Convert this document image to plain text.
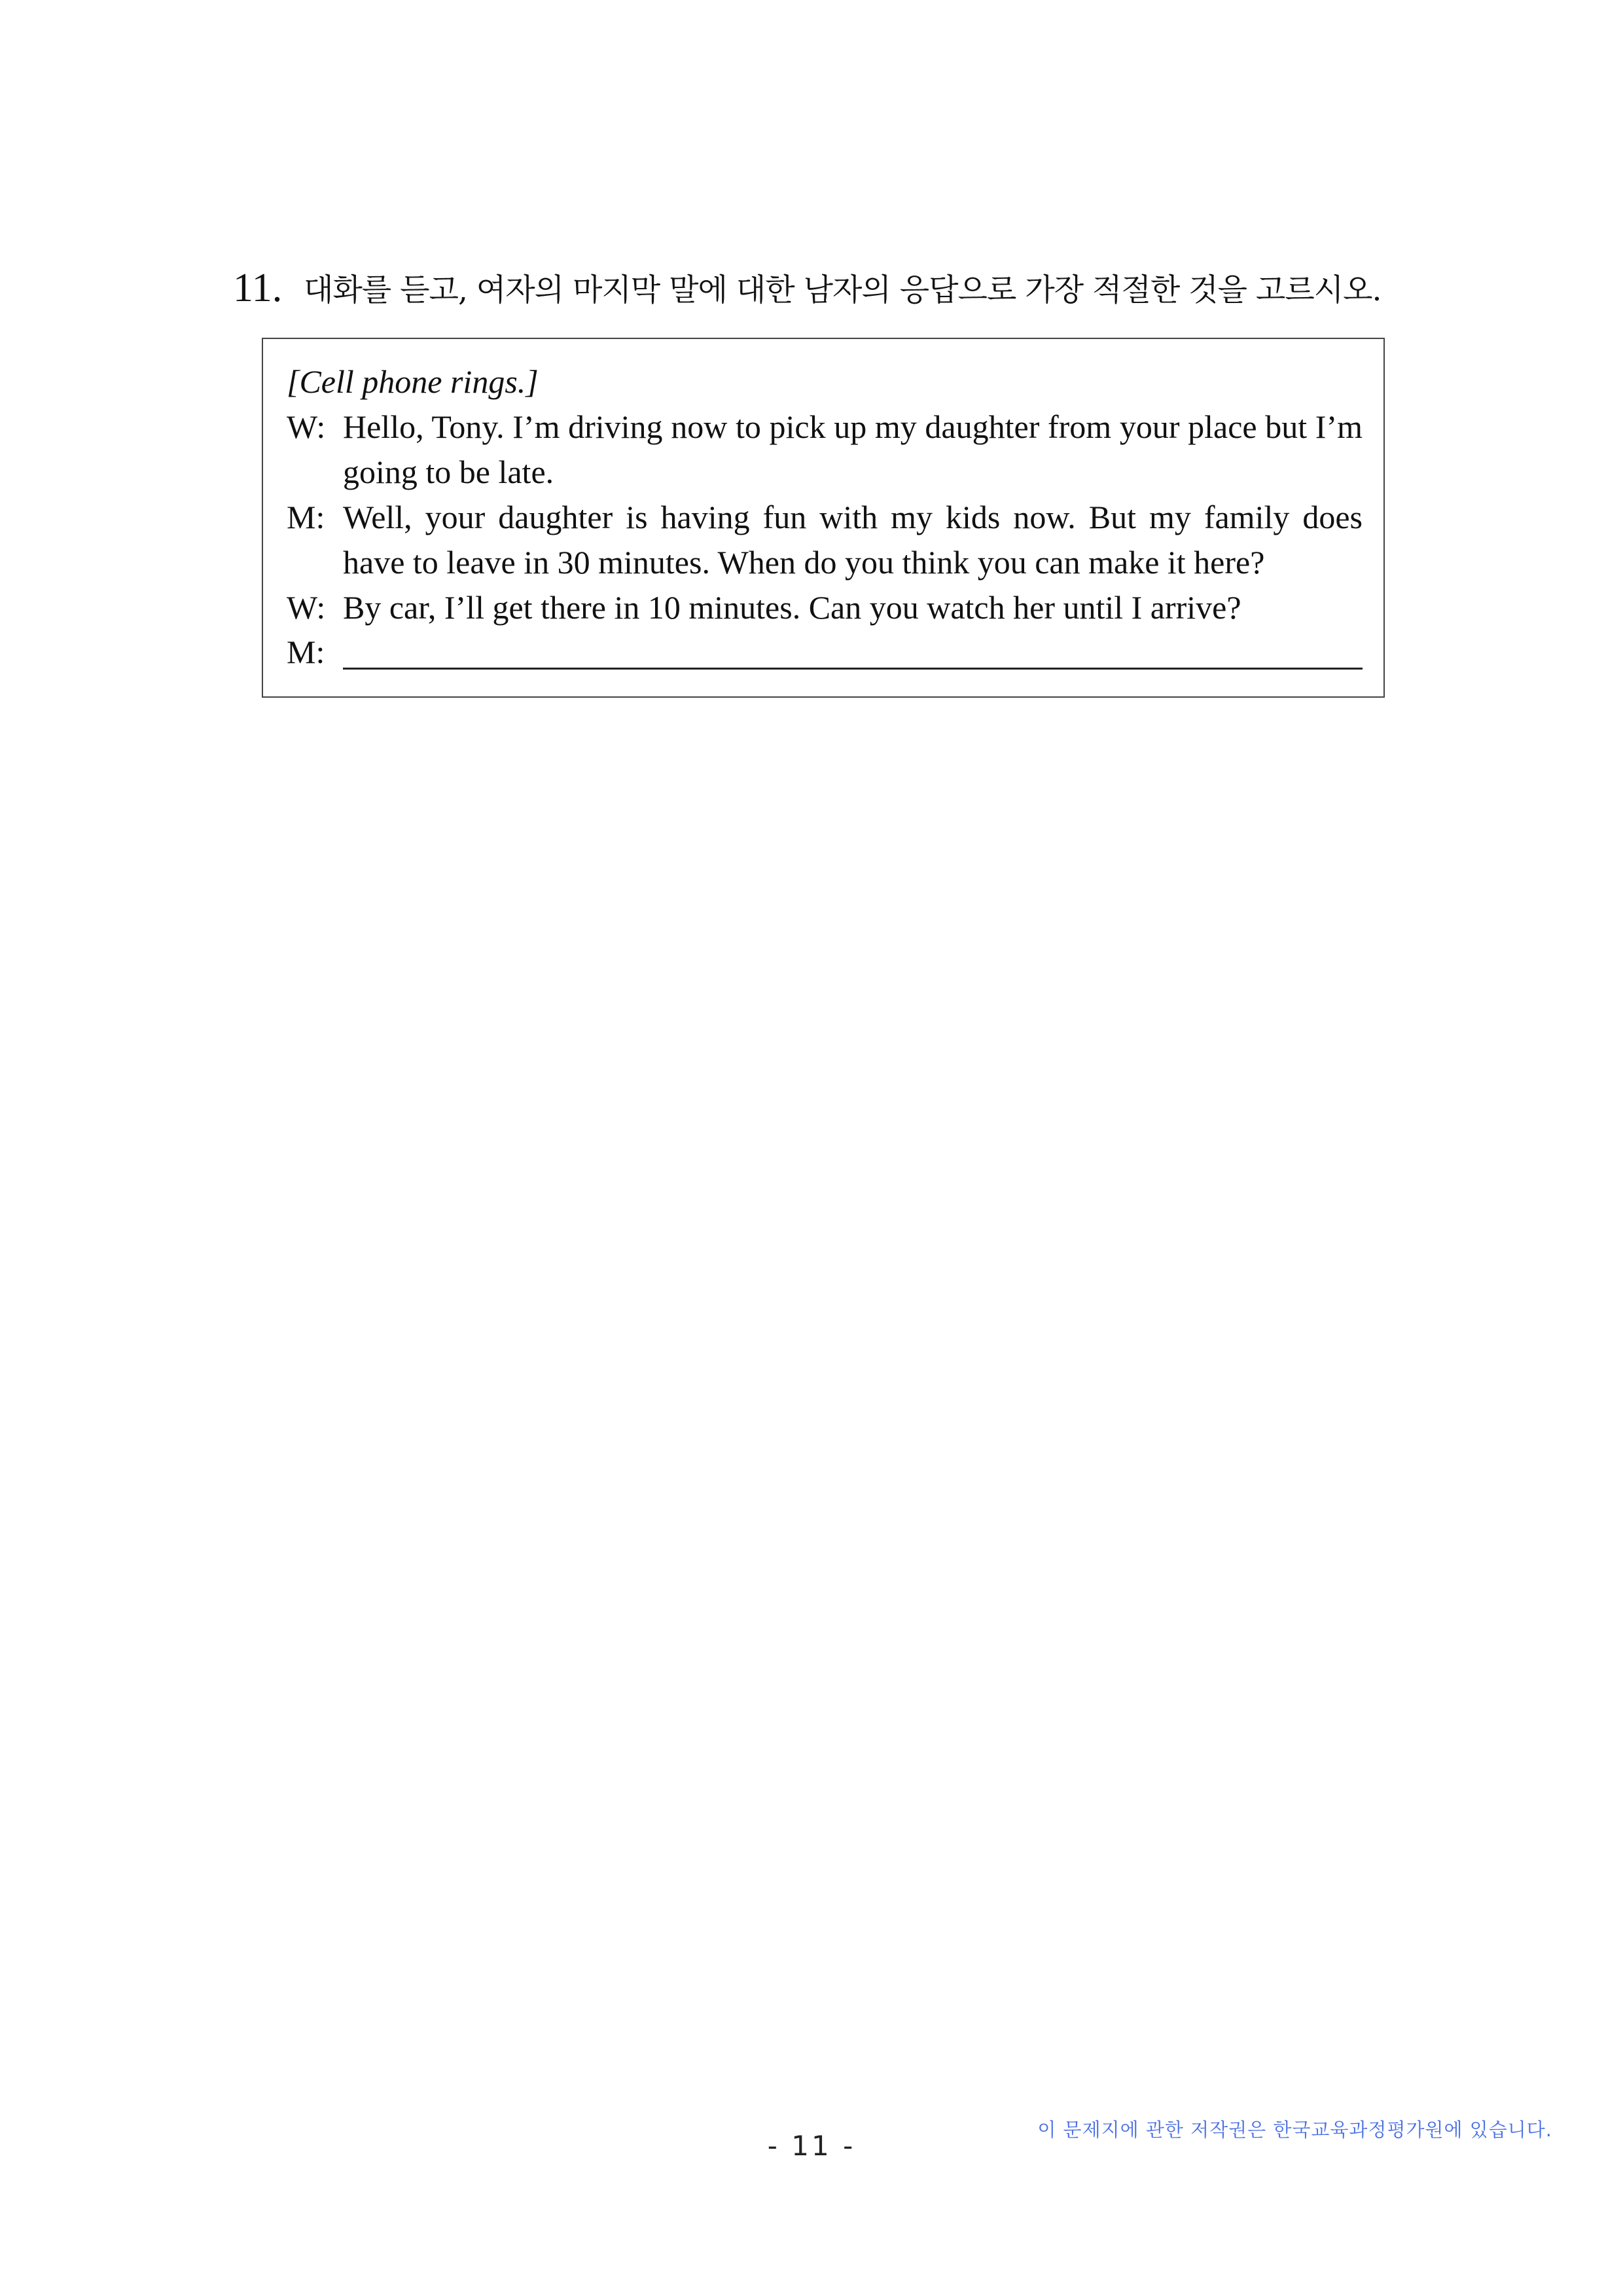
11. 대화를 듣고, 여자의 마지막 말에 대한 남자의 응답으로 가장 적절한 것을 고르시오.
[Cell phone rings.]
W: Hello, Tony. I’m driving now to pick up my daughter from your place but I’m going to be late.
M: Well, your daughter is having fun with my kids now. But my family does have to leave in 30 minutes. When do you think you can make it here?
W: By car, I’ll get there in 10 minutes. Can you watch her until I arrive?
M:
이 문제지에 관한 저작권은 한국교육과정평가원에 있습니다.
- 11 -
